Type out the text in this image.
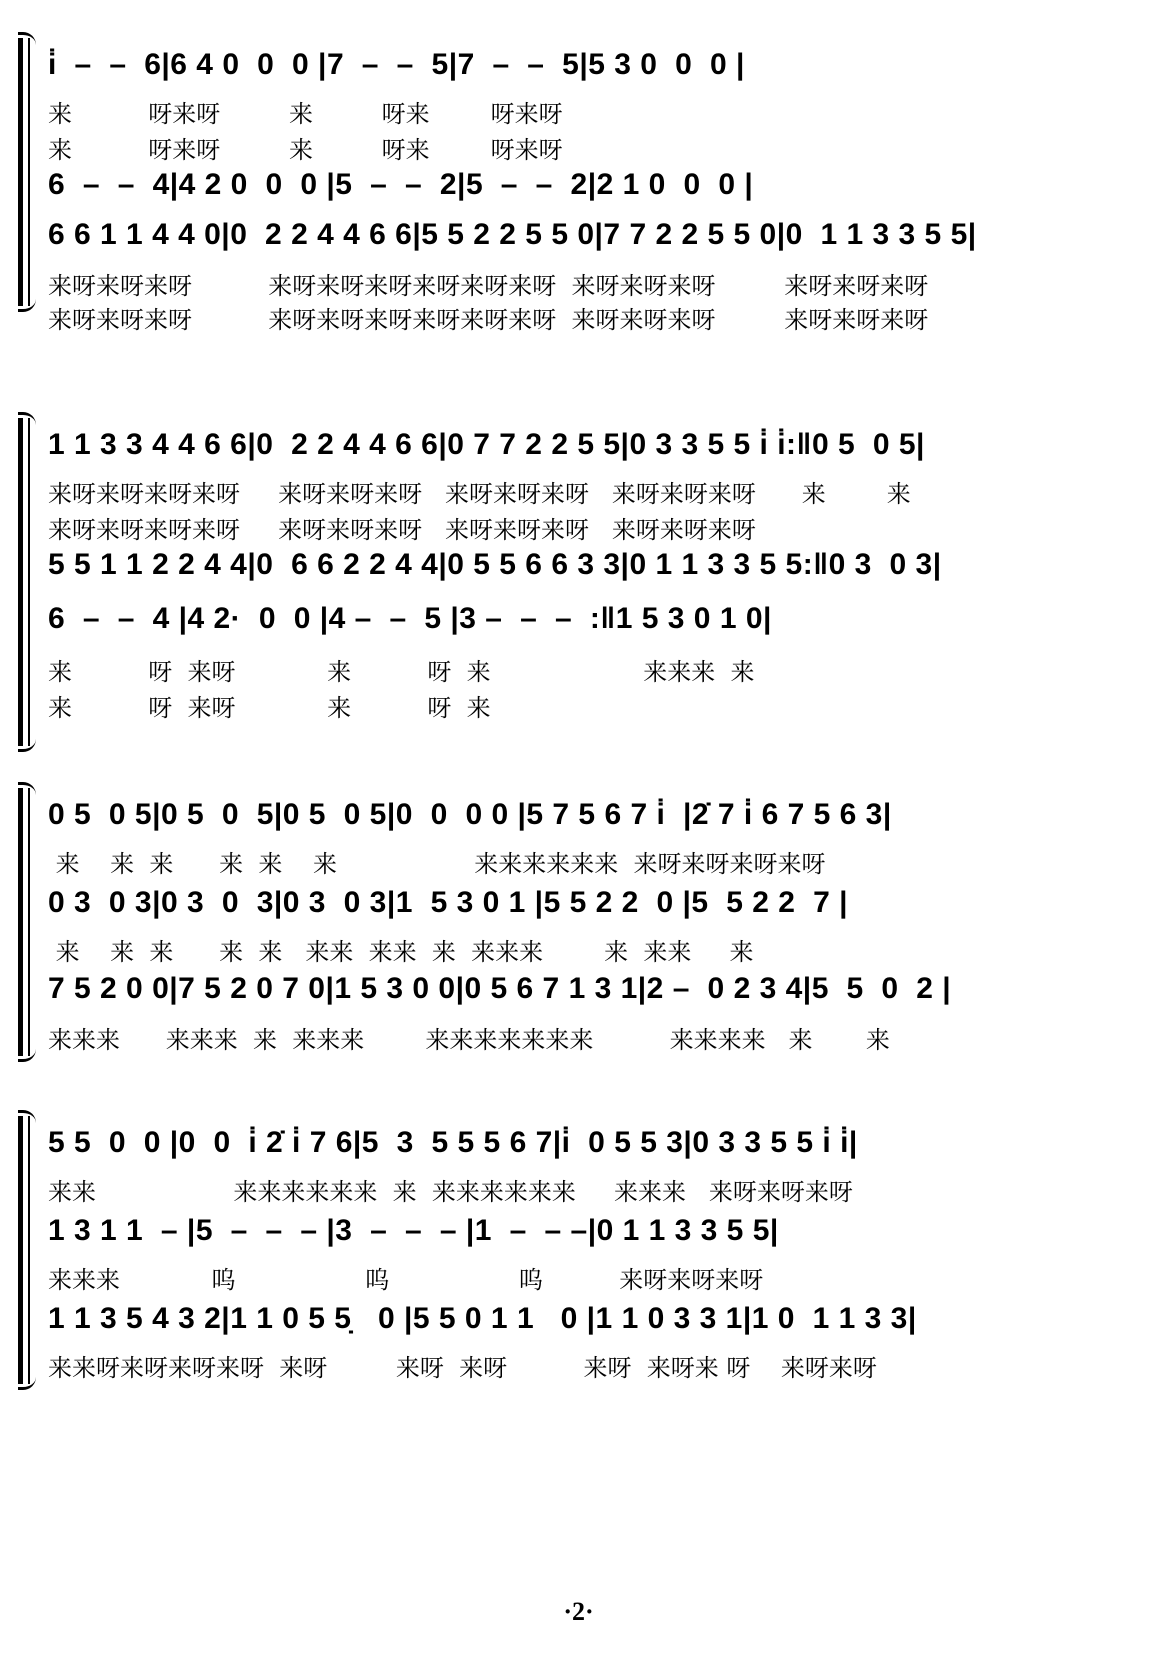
i̇  –  –  6|6 4 0  0  0 |7  –  –  5|7  –  –  5|5 3 0  0  0 |
来          呀来呀         来         呀来        呀来呀
来          呀来呀         来         呀来        呀来呀
6  –  –  4|4 2 0  0  0 |5  –  –  2|5  –  –  2|2 1 0  0  0 |
6 6 1 1 4 4 0|0  2 2 4 4 6 6|5 5 2 2 5 5 0|7 7 2 2 5 5 0|0  1 1 3 3 5 5|
来呀来呀来呀          来呀来呀来呀来呀来呀来呀  来呀来呀来呀         来呀来呀来呀
来呀来呀来呀          来呀来呀来呀来呀来呀来呀  来呀来呀来呀         来呀来呀来呀
1 1 3 3 4 4 6 6|0  2 2 4 4 6 6|0 7 7 2 2 5 5|0 3 3 5 5 i̇ i̇:‖0 5  0 5|
来呀来呀来呀来呀     来呀来呀来呀   来呀来呀来呀   来呀来呀来呀      来        来
来呀来呀来呀来呀     来呀来呀来呀   来呀来呀来呀   来呀来呀来呀
5 5 1 1 2 2 4 4|0  6 6 2 2 4 4|0 5 5 6 6 3 3|0 1 1 3 3 5 5:‖0 3  0 3|
6  –  –  4 |4 2·  0  0 |4 –  –  5 |3 –  –  –  :‖1 5 3 0 1 0|
来          呀  来呀            来          呀  来                    来来来  来
来          呀  来呀            来          呀  来
0 5  0 5|0 5  0  5|0 5  0 5|0  0  0 0 |5 7 5 6 7 i̇  |2̇ 7 i̇ 6 7 5 6 3|
来    来  来      来  来    来                  来来来来来来  来呀来呀来呀来呀
0 3  0 3|0 3  0  3|0 3  0 3|1  5 3 0 1 |5 5 2 2  0 |5  5 2 2  7 |
来    来  来      来  来   来来  来来  来  来来来        来  来来     来
7 5 2 0 0|7 5 2 0 7 0|1 5 3 0 0|0 5 6 7 1 3 1|2 –  0 2 3 4|5  5  0  2 |
来来来      来来来  来  来来来        来来来来来来来          来来来来   来       来
5 5  0  0 |0  0  i̇ 2̇ i̇ 7 6|5  3  5 5 5 6 7|i̇  0 5 5 3|0 3 3 5 5 i̇ i̇|
来来                  来来来来来来  来  来来来来来来     来来来   来呀来呀来呀
1 3 1 1  – |5  –  –  – |3  –  –  – |1  –  – –|0 1 1 3 3 5 5|
来来来            呜                 呜                 呜          来呀来呀来呀
1 1 3 5 4 3 2|1 1 0 5 5̣   0 |5 5 0 1 1   0 |1 1 0 3 3 1|1 0  1 1 3 3|
来来呀来呀来呀来呀  来呀         来呀  来呀          来呀  来呀来 呀    来呀来呀
·2·
